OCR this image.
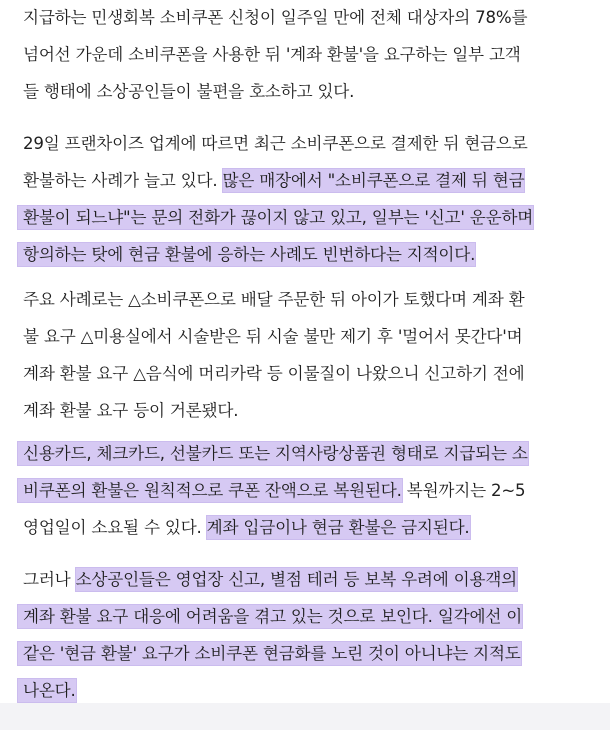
지급하는 민생회복 소비쿠폰 신청이 일주일 만에 전체 대상자의 78%를
넘어선 가운데 소비쿠폰을 사용한 뒤 '계좌 환불'을 요구하는 일부 고객
들 행태에 소상공인들이 불편을 호소하고 있다.
29일 프랜차이즈 업계에 따르면 최근 소비쿠폰으로 결제한 뒤 현금으로
환불하는 사례가 늘고 있다. 많은 매장에서 "소비쿠폰으로 결제 뒤 현금
환불이 되느냐"는 문의 전화가 끊이지 않고 있고, 일부는 '신고' 운운하며
항의하는 탓에 현금 환불에 응하는 사례도 빈번하다는 지적이다.
주요 사례로는 △소비쿠폰으로 배달 주문한 뒤 아이가 토했다며 계좌 환
불 요구 △미용실에서 시술받은 뒤 시술 불만 제기 후 '멀어서 못간다'며
계좌 환불 요구 △음식에 머리카락 등 이물질이 나왔으니 신고하기 전에
계좌 환불 요구 등이 거론됐다.
신용카드, 체크카드, 선불카드 또는 지역사랑상품권 형태로 지급되는 소
비쿠폰의 환불은 원칙적으로 쿠폰 잔액으로 복원된다. 복원까지는 2~5
영업일이 소요될 수 있다. 계좌 입금이나 현금 환불은 금지된다.
그러나 소상공인들은 영업장 신고, 별점 테러 등 보복 우려에 이용객의
계좌 환불 요구 대응에 어려움을 겪고 있는 것으로 보인다. 일각에선 이
같은 '현금 환불' 요구가 소비쿠폰 현금화를 노린 것이 아니냐는 지적도
나온다.
